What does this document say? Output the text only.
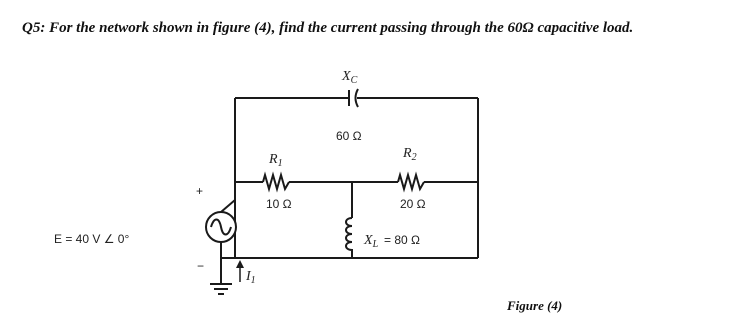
Q5: For the network shown in figure (4), find the current passing through the 60Ω capacitive load.
$X_C$
60 Ω
$R_1$
10 Ω
$R_2$
20 Ω
$X_L = 80$ Ω
E = 40 V ∠ 0°
+
−
$I_1$
Figure (4)
